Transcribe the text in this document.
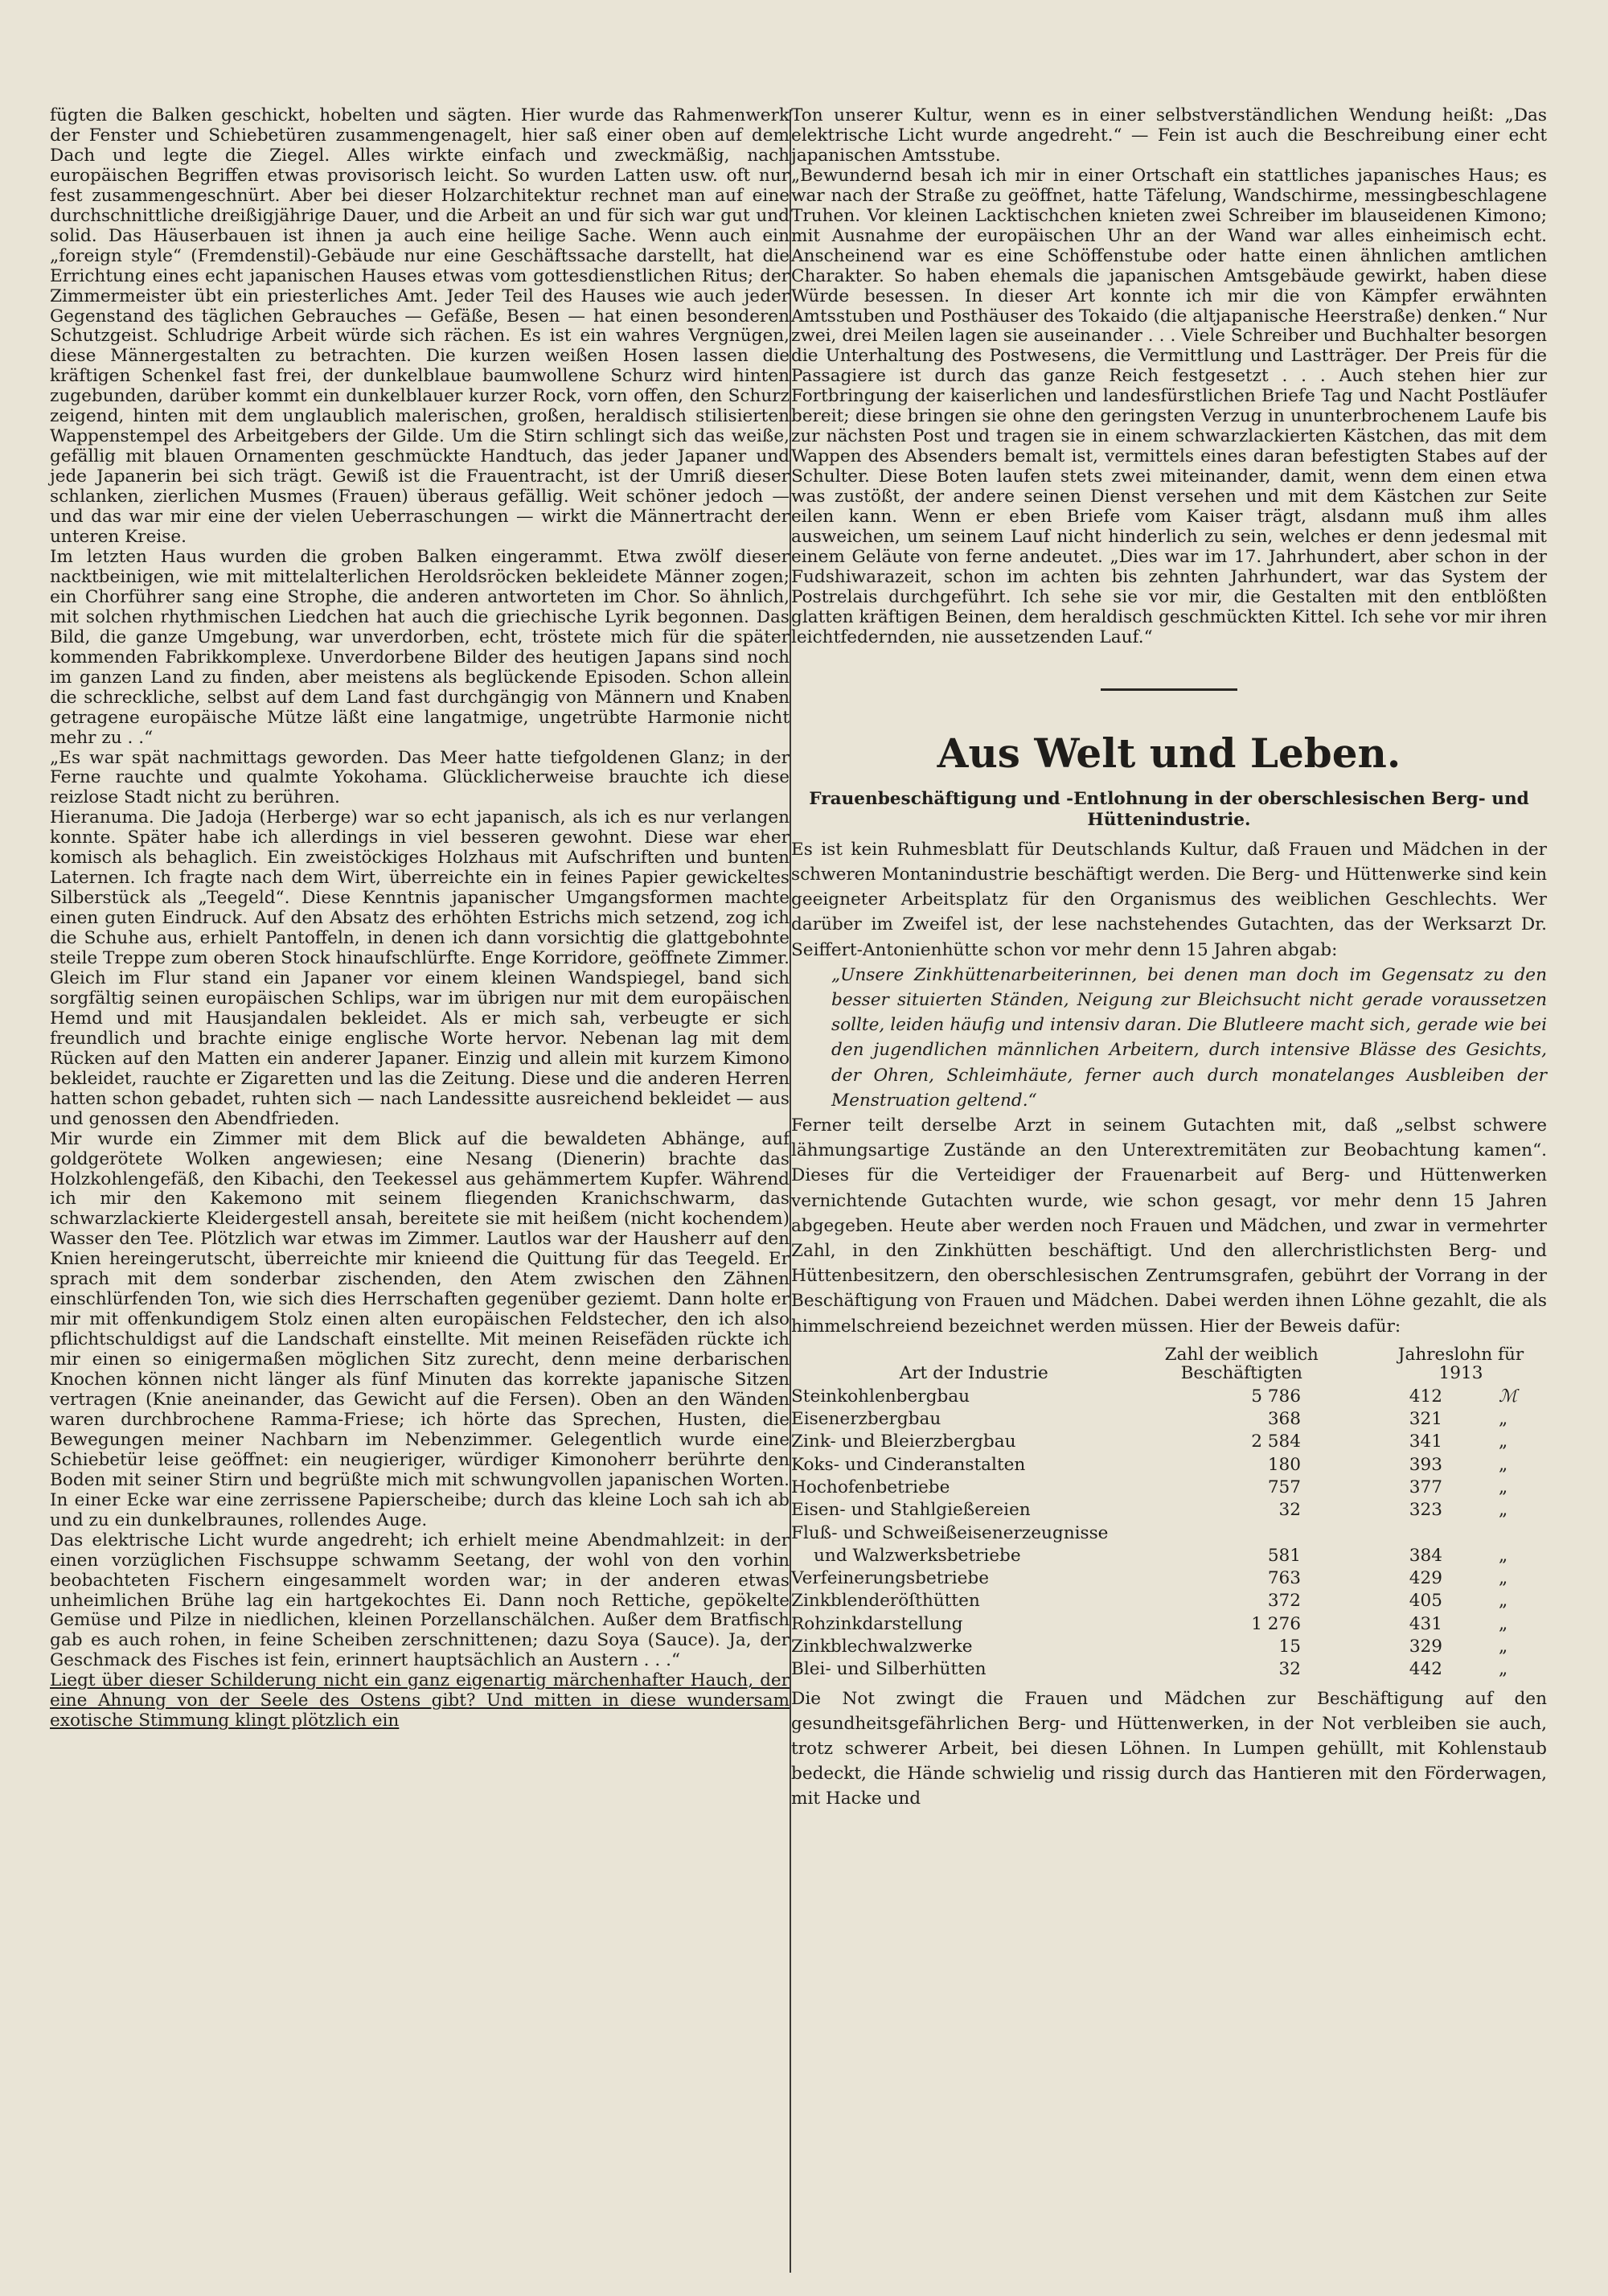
fügten die Balken geschickt, hobelten und sägten. Hier wurde das Rahmenwerk der Fenster und Schiebetüren zusammengenagelt, hier saß einer oben auf dem Dach und legte die Ziegel. Alles wirkte einfach und zweckmäßig, nach europäischen Begriffen etwas provisorisch leicht. So wurden Latten usw. oft nur fest zusammengeschnürt. Aber bei dieser Holzarchitektur rechnet man auf eine durchschnittliche dreißigjährige Dauer, und die Arbeit an und für sich war gut und solid. Das Häuserbauen ist ihnen ja auch eine heilige Sache. Wenn auch ein „foreign style“ (Fremdenstil)-Gebäude nur eine Geschäftssache darstellt, hat die Errichtung eines echt japanischen Hauses etwas vom gottesdienstlichen Ritus; der Zimmermeister übt ein priesterliches Amt. Jeder Teil des Hauses wie auch jeder Gegenstand des täglichen Gebrauches — Gefäße, Besen — hat einen besonderen Schutzgeist. Schludrige Arbeit würde sich rächen. Es ist ein wahres Vergnügen, diese Männergestalten zu betrachten. Die kurzen weißen Hosen lassen die kräftigen Schenkel fast frei, der dunkelblaue baumwollene Schurz wird hinten zugebunden, darüber kommt ein dunkelblauer kurzer Rock, vorn offen, den Schurz zeigend, hinten mit dem unglaublich malerischen, großen, heraldisch stilisierten Wappenstempel des Arbeitgebers der Gilde. Um die Stirn schlingt sich das weiße, gefällig mit blauen Ornamenten geschmückte Handtuch, das jeder Japaner und jede Japanerin bei sich trägt. Gewiß ist die Frauentracht, ist der Umriß dieser schlanken, zierlichen Musmes (Frauen) überaus gefällig. Weit schöner jedoch — und das war mir eine der vielen Ueberraschungen — wirkt die Männertracht der unteren Kreise.

Im letzten Haus wurden die groben Balken eingerammt. Etwa zwölf dieser nacktbeinigen, wie mit mittelalterlichen Heroldsröcken bekleidete Männer zogen; ein Chorführer sang eine Strophe, die anderen antworteten im Chor. So ähnlich, mit solchen rhythmischen Liedchen hat auch die griechische Lyrik begonnen. Das Bild, die ganze Umgebung, war unverdorben, echt, tröstete mich für die später kommenden Fabrikkomplexe. Unverdorbene Bilder des heutigen Japans sind noch im ganzen Land zu finden, aber meistens als beglückende Episoden. Schon allein die schreckliche, selbst auf dem Land fast durchgängig von Männern und Knaben getragene europäische Mütze läßt eine langatmige, ungetrübte Harmonie nicht mehr zu . .“

„Es war spät nachmittags geworden. Das Meer hatte tiefgoldenen Glanz; in der Ferne rauchte und qualmte Yokohama. Glücklicherweise brauchte ich diese reizlose Stadt nicht zu berühren.

Hieranuma. Die Jadoja (Herberge) war so echt japanisch, als ich es nur verlangen konnte. Später habe ich allerdings in viel besseren gewohnt. Diese war eher komisch als behaglich. Ein zweistöckiges Holzhaus mit Aufschriften und bunten Laternen. Ich fragte nach dem Wirt, überreichte ein in feines Papier gewickeltes Silberstück als „Teegeld“. Diese Kenntnis japanischer Umgangsformen machte einen guten Eindruck. Auf den Absatz des erhöhten Estrichs mich setzend, zog ich die Schuhe aus, erhielt Pantoffeln, in denen ich dann vorsichtig die glattgebohnte steile Treppe zum oberen Stock hinaufschlürfte. Enge Korridore, geöffnete Zimmer. Gleich im Flur stand ein Japaner vor einem kleinen Wandspiegel, band sich sorgfältig seinen europäischen Schlips, war im übrigen nur mit dem europäischen Hemd und mit Hausjandalen bekleidet. Als er mich sah, verbeugte er sich freundlich und brachte einige englische Worte hervor. Nebenan lag mit dem Rücken auf den Matten ein anderer Japaner. Einzig und allein mit kurzem Kimono bekleidet, rauchte er Zigaretten und las die Zeitung. Diese und die anderen Herren hatten schon gebadet, ruhten sich — nach Landessitte ausreichend bekleidet — aus und genossen den Abendfrieden.

Mir wurde ein Zimmer mit dem Blick auf die bewaldeten Abhänge, auf goldgerötete Wolken angewiesen; eine Nesang (Dienerin) brachte das Holzkohlengefäß, den Kibachi, den Teekessel aus gehämmertem Kupfer. Während ich mir den Kakemono mit seinem fliegenden Kranichschwarm, das schwarzlackierte Kleidergestell ansah, bereitete sie mit heißem (nicht kochendem) Wasser den Tee. Plötzlich war etwas im Zimmer. Lautlos war der Hausherr auf den Knien hereingerutscht, überreichte mir knieend die Quittung für das Teegeld. Er sprach mit dem sonderbar zischenden, den Atem zwischen den Zähnen einschlürfenden Ton, wie sich dies Herrschaften gegenüber geziemt. Dann holte er mir mit offenkundigem Stolz einen alten europäischen Feldstecher, den ich also pflichtschuldigst auf die Landschaft einstellte. Mit meinen Reisefäden rückte ich mir einen so einigermaßen möglichen Sitz zurecht, denn meine derbarischen Knochen können nicht länger als fünf Minuten das korrekte japanische Sitzen vertragen (Knie aneinander, das Gewicht auf die Fersen). Oben an den Wänden waren durchbrochene Ramma-Friese; ich hörte das Sprechen, Husten, die Bewegungen meiner Nachbarn im Nebenzimmer. Gelegentlich wurde eine Schiebetür leise geöffnet: ein neugieriger, würdiger Kimonoherr berührte den Boden mit seiner Stirn und begrüßte mich mit schwungvollen japanischen Worten. In einer Ecke war eine zerrissene Papierscheibe; durch das kleine Loch sah ich ab und zu ein dunkelbraunes, rollendes Auge.

Das elektrische Licht wurde angedreht; ich erhielt meine Abendmahlzeit: in der einen vorzüglichen Fischsuppe schwamm Seetang, der wohl von den vorhin beobachteten Fischern eingesammelt worden war; in der anderen etwas unheimlichen Brühe lag ein hartgekochtes Ei. Dann noch Rettiche, gepökelte Gemüse und Pilze in niedlichen, kleinen Porzellanschälchen. Außer dem Bratfisch gab es auch rohen, in feine Scheiben zerschnittenen; dazu Soya (Sauce). Ja, der Geschmack des Fisches ist fein, erinnert hauptsächlich an Austern . . .“

Liegt über dieser Schilderung nicht ein ganz eigenartig märchenhafter Hauch, der eine Ahnung von der Seele des Ostens gibt? Und mitten in diese wundersam exotische Stimmung klingt plötzlich ein

Ton unserer Kultur, wenn es in einer selbstverständlichen Wendung heißt: „Das elektrische Licht wurde angedreht.“ — Fein ist auch die Beschreibung einer echt japanischen Amtsstube.

„Bewundernd besah ich mir in einer Ortschaft ein stattliches japanisches Haus; es war nach der Straße zu geöffnet, hatte Täfelung, Wandschirme, messingbeschlagene Truhen. Vor kleinen Lacktischchen knieten zwei Schreiber im blauseidenen Kimono; mit Ausnahme der europäischen Uhr an der Wand war alles einheimisch echt. Anscheinend war es eine Schöffenstube oder hatte einen ähnlichen amtlichen Charakter. So haben ehemals die japanischen Amtsgebäude gewirkt, haben diese Würde besessen. In dieser Art konnte ich mir die von Kämpfer erwähnten Amtsstuben und Posthäuser des Tokaido (die altjapanische Heerstraße) denken.“ Nur zwei, drei Meilen lagen sie auseinander . . . Viele Schreiber und Buchhalter besorgen die Unterhaltung des Postwesens, die Vermittlung und Lastträger. Der Preis für die Passagiere ist durch das ganze Reich festgesetzt . . . Auch stehen hier zur Fortbringung der kaiserlichen und landesfürstlichen Briefe Tag und Nacht Postläufer bereit; diese bringen sie ohne den geringsten Verzug in ununterbrochenem Laufe bis zur nächsten Post und tragen sie in einem schwarzlackierten Kästchen, das mit dem Wappen des Absenders bemalt ist, vermittels eines daran befestigten Stabes auf der Schulter. Diese Boten laufen stets zwei miteinander, damit, wenn dem einen etwa was zustößt, der andere seinen Dienst versehen und mit dem Kästchen zur Seite eilen kann. Wenn er eben Briefe vom Kaiser trägt, alsdann muß ihm alles ausweichen, um seinem Lauf nicht hinderlich zu sein, welches er denn jedesmal mit einem Geläute von ferne andeutet. „Dies war im 17. Jahrhundert, aber schon in der Fudshiwarazeit, schon im achten bis zehnten Jahrhundert, war das System der Postrelais durchgeführt. Ich sehe sie vor mir, die Gestalten mit den entblößten glatten kräftigen Beinen, dem heraldisch geschmückten Kittel. Ich sehe vor mir ihren leichtfedernden, nie aussetzenden Lauf.“

Aus Welt und Leben.
Frauenbeschäftigung und -Entlohnung in der oberschlesischen Berg- und Hüttenindustrie.

Es ist kein Ruhmesblatt für Deutschlands Kultur, daß Frauen und Mädchen in der schweren Montanindustrie beschäftigt werden. Die Berg- und Hüttenwerke sind kein geeigneter Arbeitsplatz für den Organismus des weiblichen Geschlechts. Wer darüber im Zweifel ist, der lese nachstehendes Gutachten, das der Werksarzt Dr. Seiffert-Antonienhütte schon vor mehr denn 15 Jahren abgab:

„Unsere Zinkhüttenarbeiterinnen, bei denen man doch im Gegensatz zu den besser situierten Ständen, Neigung zur Bleichsucht nicht gerade voraussetzen sollte, leiden häufig und intensiv daran. Die Blutleere macht sich, gerade wie bei den jugendlichen männlichen Arbeitern, durch intensive Blässe des Gesichts, der Ohren, Schleimhäute, ferner auch durch monatelanges Ausbleiben der Menstruation geltend.“

Ferner teilt derselbe Arzt in seinem Gutachten mit, daß „selbst schwere lähmungsartige Zustände an den Unterextremitäten zur Beobachtung kamen“. Dieses für die Verteidiger der Frauenarbeit auf Berg- und Hüttenwerken vernichtende Gutachten wurde, wie schon gesagt, vor mehr denn 15 Jahren abgegeben. Heute aber werden noch Frauen und Mädchen, und zwar in vermehrter Zahl, in den Zinkhütten beschäftigt. Und den allerchristlichsten Berg- und Hüttenbesitzern, den oberschlesischen Zentrumsgrafen, gebührt der Vorrang in der Beschäftigung von Frauen und Mädchen. Dabei werden ihnen Löhne gezahlt, die als himmelschreiend bezeichnet werden müssen. Hier der Beweis dafür:

Art der Industrie	Zahl der weiblich Beschäftigten	Jahreslohn für 1913	
Steinkohlenbergbau	5 786	412	ℳ
Eisenerzbergbau	368	321	„
Zink- und Bleierzbergbau	2 584	341	„
Koks- und Cinderanstalten	180	393	„
Hochofenbetriebe	757	377	„
Eisen- und Stahlgießereien	32	323	„
Fluß- und Schweißeisenerzeugnisse			
und Walzwerksbetriebe	581	384	„
Verfeinerungsbetriebe	763	429	„
Zinkblenderöſthütten	372	405	„
Rohzinkdarstellung	1 276	431	„
Zinkblechwalzwerke	15	329	„
Blei- und Silberhütten	32	442	„

Die Not zwingt die Frauen und Mädchen zur Beschäftigung auf den gesundheitsgefährlichen Berg- und Hüttenwerken, in der Not verbleiben sie auch, trotz schwerer Arbeit, bei diesen Löhnen. In Lumpen gehüllt, mit Kohlenstaub bedeckt, die Hände schwielig und rissig durch das Hantieren mit den Förderwagen, mit Hacke und
